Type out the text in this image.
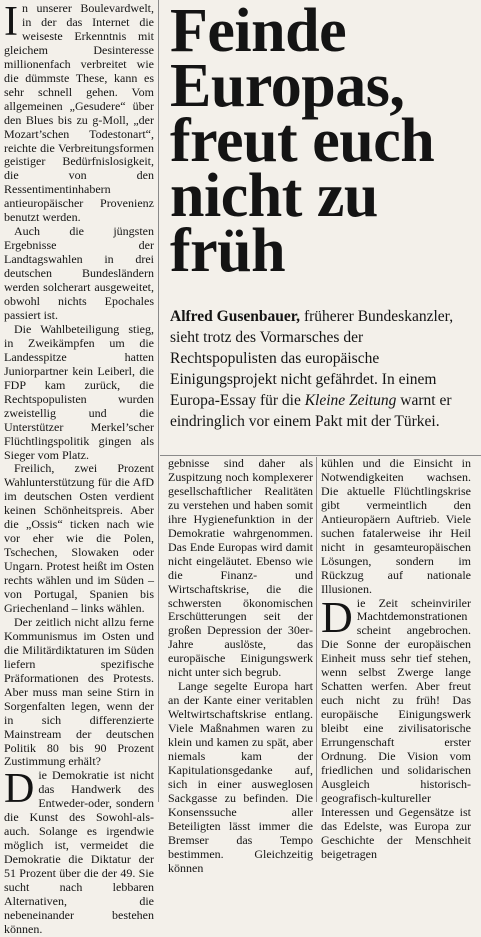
In unserer Boulevardwelt, in der das Internet die weiseste Erkenntnis mit gleichem Desinteresse millionenfach verbreitet wie die dümmste These, kann es sehr schnell gehen. Vom allgemeinen „Gesudere“ über den Blues bis zu g-Moll, „der Mozart’schen Todestonart“, reichte die Verbreitungsformen geistiger Bedürfnislosigkeit, die von den Ressentimentinhabern antieuropäischer Provenienz benutzt werden.

Auch die jüngsten Ergebnisse der Landtagswahlen in drei deutschen Bundesländern werden solcherart ausgeweitet, obwohl nichts Epochales passiert ist.

Die Wahlbeteiligung stieg, in Zweikämpfen um die Landesspitze hatten Juniorpartner kein Leiberl, die FDP kam zurück, die Rechtspopulisten wurden zweistellig und die Unterstützer Merkel’scher Flüchtlingspolitik gingen als Sieger vom Platz.

Freilich, zwei Prozent Wahlunterstützung für die AfD im deutschen Osten verdient keinen Schönheitspreis. Aber die „Ossis“ ticken nach wie vor eher wie die Polen, Tschechen, Slowaken oder Ungarn. Protest heißt im Osten rechts wählen und im Süden – von Portugal, Spanien bis Griechenland – links wählen.

Der zeitlich nicht allzu ferne Kommunismus im Osten und die Militärdiktaturen im Süden liefern spezifische Präformationen des Protests. Aber muss man seine Stirn in Sorgenfalten legen, wenn der in sich differenzierte Mainstream der deutschen Politik 80 bis 90 Prozent Zustimmung erhält?

Die Demokratie ist nicht das Handwerk des Entweder-oder, sondern die Kunst des Sowohl-als-auch. Solange es irgendwie möglich ist, vermeidet die Demokratie die Diktatur der 51 Prozent über die der 49. Sie sucht nach lebbaren Alternativen, die nebeneinander bestehen können.

Feinde
Europas,
freut euch
nicht zu
früh

Alfred Gusenbauer, früherer Bundeskanzler, sieht trotz des Vormarsches der Rechtspopulisten das europäische Einigungsprojekt nicht gefährdet. In einem Europa-Essay für die Kleine Zeitung warnt er eindringlich vor einem Pakt mit der Türkei.

gebnisse sind daher als Zuspitzung noch komplexerer gesellschaftlicher Realitäten zu verstehen und haben somit ihre Hygienefunktion in der Demokratie wahrgenommen. Das Ende Europas wird damit nicht eingeläutet. Ebenso wie die Finanz- und Wirtschaftskrise, die die schwersten ökonomischen Erschütterungen seit der großen Depression der 30er-Jahre auslöste, das europäische Einigungswerk nicht unter sich begrub.

Lange segelte Europa hart an der Kante einer veritablen Weltwirtschaftskrise entlang. Viele Maßnahmen waren zu klein und kamen zu spät, aber niemals kam der Kapitulationsgedanke auf, sich in einer ausweglosen Sackgasse zu befinden. Die Konsenssuche aller Beteiligten lässt immer die Bremser das Tempo bestimmen. Gleichzeitig können

kühlen und die Einsicht in Notwendigkeiten wachsen. Die aktuelle Flüchtlingskrise gibt vermeintlich den Antieuropäern Auftrieb. Viele suchen fatalerweise ihr Heil nicht in gesamteuropäischen Lösungen, sondern im Rückzug auf nationale Illusionen.

Die Zeit scheinviriler Machtdemonstrationen scheint angebrochen. Die Sonne der europäischen Einheit muss sehr tief stehen, wenn selbst Zwerge lange Schatten werfen. Aber freut euch nicht zu früh! Das europäische Einigungswerk bleibt eine zivilisatorische Errungenschaft erster Ordnung. Die Vision vom friedlichen und solidarischen Ausgleich historisch-geografisch-kultureller Interessen und Gegensätze ist das Edelste, was Europa zur Geschichte der Menschheit beigetragen
